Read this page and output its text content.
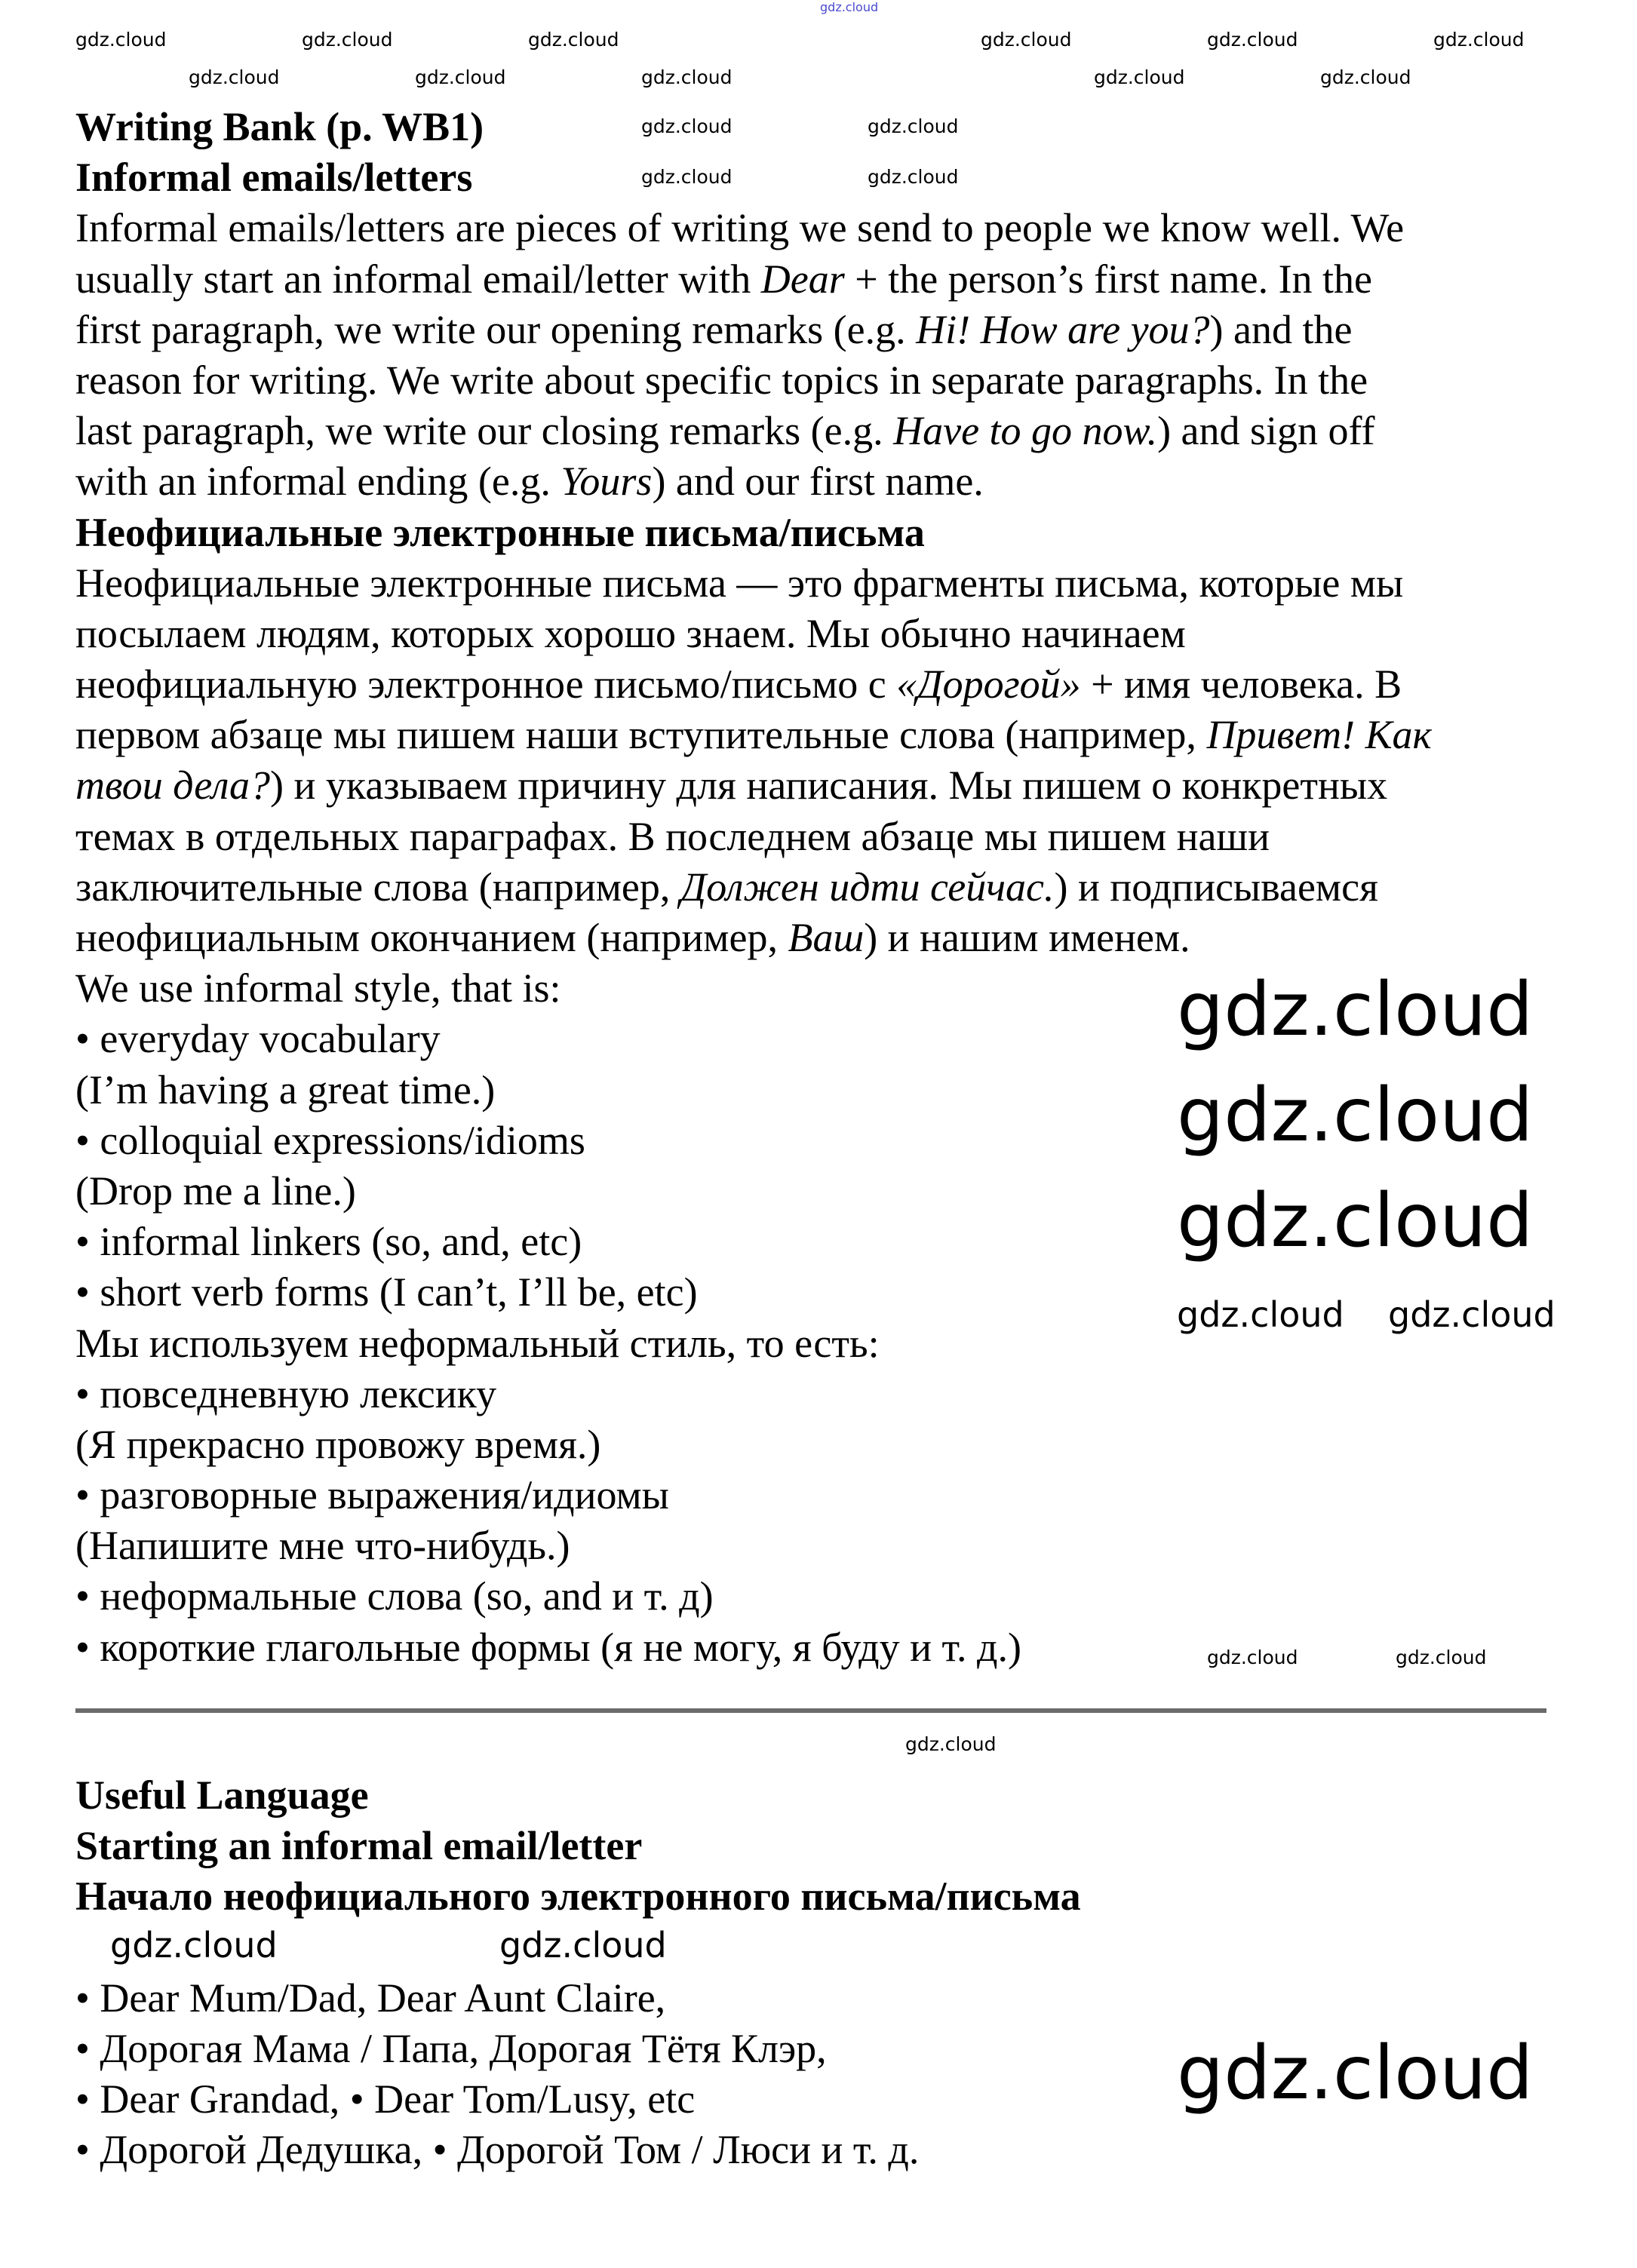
Writing Bank (p. WB1)
Informal emails/letters
Informal emails/letters are pieces of writing we send to people we know well. We
usually start an informal email/letter with Dear + the person’s first name. In the
first paragraph, we write our opening remarks (e.g. Hi! How are you?) and the
reason for writing. We write about specific topics in separate paragraphs. In the
last paragraph, we write our closing remarks (e.g. Have to go now.) and sign off
with an informal ending (e.g. Yours) and our first name.
Неофициальные электронные письма/письма
Неофициальные электронные письма — это фрагменты письма, которые мы
посылаем людям, которых хорошо знаем. Мы обычно начинаем
неофициальную электронное письмо/письмо с «Дорогой» + имя человека. В
первом абзаце мы пишем наши вступительные слова (например, Привет! Как
твои дела?) и указываем причину для написания. Мы пишем о конкретных
темах в отдельных параграфах. В последнем абзаце мы пишем наши
заключительные слова (например, Должен идти сейчас.) и подписываемся
неофициальным окончанием (например, Ваш) и нашим именем.
We use informal style, that is:
• everyday vocabulary
(I’m having a great time.)
• colloquial expressions/idioms
(Drop me a line.)
• informal linkers (so, and, etc)
• short verb forms (I can’t, I’ll be, etc)
Мы используем неформальный стиль, то есть:
• повседневную лексику
(Я прекрасно провожу время.)
• разговорные выражения/идиомы
(Напишите мне что-нибудь.)
• неформальные слова (so, and и т. д)
• короткие глагольные формы (я не могу, я буду и т. д.)
Useful Language
Starting an informal email/letter
Начало неофициального электронного письма/письма
• Dear Mum/Dad, Dear Aunt Claire,
• Дорогая Мама / Папа, Дорогая Тётя Клэр,
• Dear Grandad, • Dear Tom/Lusy, etc
• Дорогой Дедушка, • Дорогой Том / Люси и т. д.
gdz.cloud
gdz.cloud	gdz.cloud	gdz.cloud	gdz.cloud	gdz.cloud	gdz.cloud
gdz.cloud	gdz.cloud	gdz.cloud	gdz.cloud	gdz.cloud
gdz.cloud	gdz.cloud
gdz.cloud	gdz.cloud
gdz.cloud
gdz.cloud
gdz.cloud
gdz.cloud gdz.cloud
gdz.cloud	gdz.cloud
gdz.cloud
gdz.cloud	gdz.cloud
gdz.cloud
